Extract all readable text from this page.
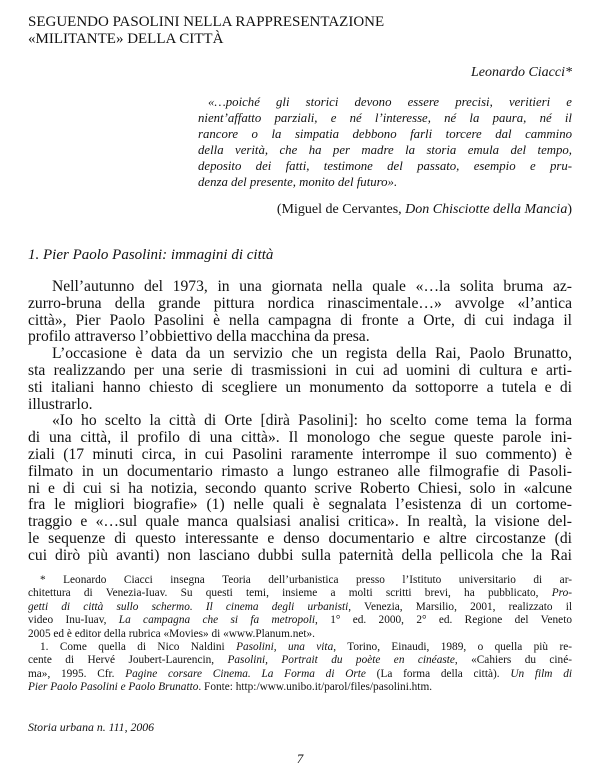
SEGUENDO PASOLINI NELLA RAPPRESENTAZIONE
«MILITANTE» DELLA CITTÀ
Leonardo Ciacci*
«…poiché gli storici devono essere precisi, veritieri e
nient’affatto parziali, e né l’interesse, né la paura, né il
rancore o la simpatia debbono farli torcere dal cammino
della verità, che ha per madre la storia emula del tempo,
deposito dei fatti, testimone del passato, esempio e pru-
denza del presente, monito del futuro».
(Miguel de Cervantes, Don Chisciotte della Mancia)
1. Pier Paolo Pasolini: immagini di città
Nell’autunno del 1973, in una giornata nella quale «…la solita bruma az-
zurro-bruna della grande pittura nordica rinascimentale…» avvolge «l’antica
città», Pier Paolo Pasolini è nella campagna di fronte a Orte, di cui indaga il
profilo attraverso l’obbiettivo della macchina da presa.
L’occasione è data da un servizio che un regista della Rai, Paolo Brunatto,
sta realizzando per una serie di trasmissioni in cui ad uomini di cultura e arti-
sti italiani hanno chiesto di scegliere un monumento da sottoporre a tutela e di
illustrarlo.
«Io ho scelto la città di Orte [dirà Pasolini]: ho scelto come tema la forma
di una città, il profilo di una città». Il monologo che segue queste parole ini-
ziali (17 minuti circa, in cui Pasolini raramente interrompe il suo commento) è
filmato in un documentario rimasto a lungo estraneo alle filmografie di Pasoli-
ni e di cui si ha notizia, secondo quanto scrive Roberto Chiesi, solo in «alcune
fra le migliori biografie» (1) nelle quali è segnalata l’esistenza di un cortome-
traggio e «…sul quale manca qualsiasi analisi critica». In realtà, la visione del-
le sequenze di questo interessante e denso documentario e altre circostanze (di
cui dirò più avanti) non lasciano dubbi sulla paternità della pellicola che la Rai
* Leonardo Ciacci insegna Teoria dell’urbanistica presso l’Istituto universitario di ar-
chitettura di Venezia-Iuav. Su questi temi, insieme a molti scritti brevi, ha pubblicato, Pro-
getti di città sullo schermo. Il cinema degli urbanisti, Venezia, Marsilio, 2001, realizzato il
video Inu-Iuav, La campagna che si fa metropoli, 1° ed. 2000, 2° ed. Regione del Veneto
2005 ed è editor della rubrica «Movies» di «www.Planum.net».
1. Come quella di Nico Naldini Pasolini, una vita, Torino, Einaudi, 1989, o quella più re-
cente di Hervé Joubert-Laurencin, Pasolini, Portrait du poète en cinéaste, «Cahiers du ciné-
ma», 1995. Cfr. Pagine corsare Cinema. La Forma di Orte (La forma della città). Un film di
Pier Paolo Pasolini e Paolo Brunatto. Fonte: http:/www.unibo.it/parol/files/pasolini.htm.
Storia urbana n. 111, 2006
7
